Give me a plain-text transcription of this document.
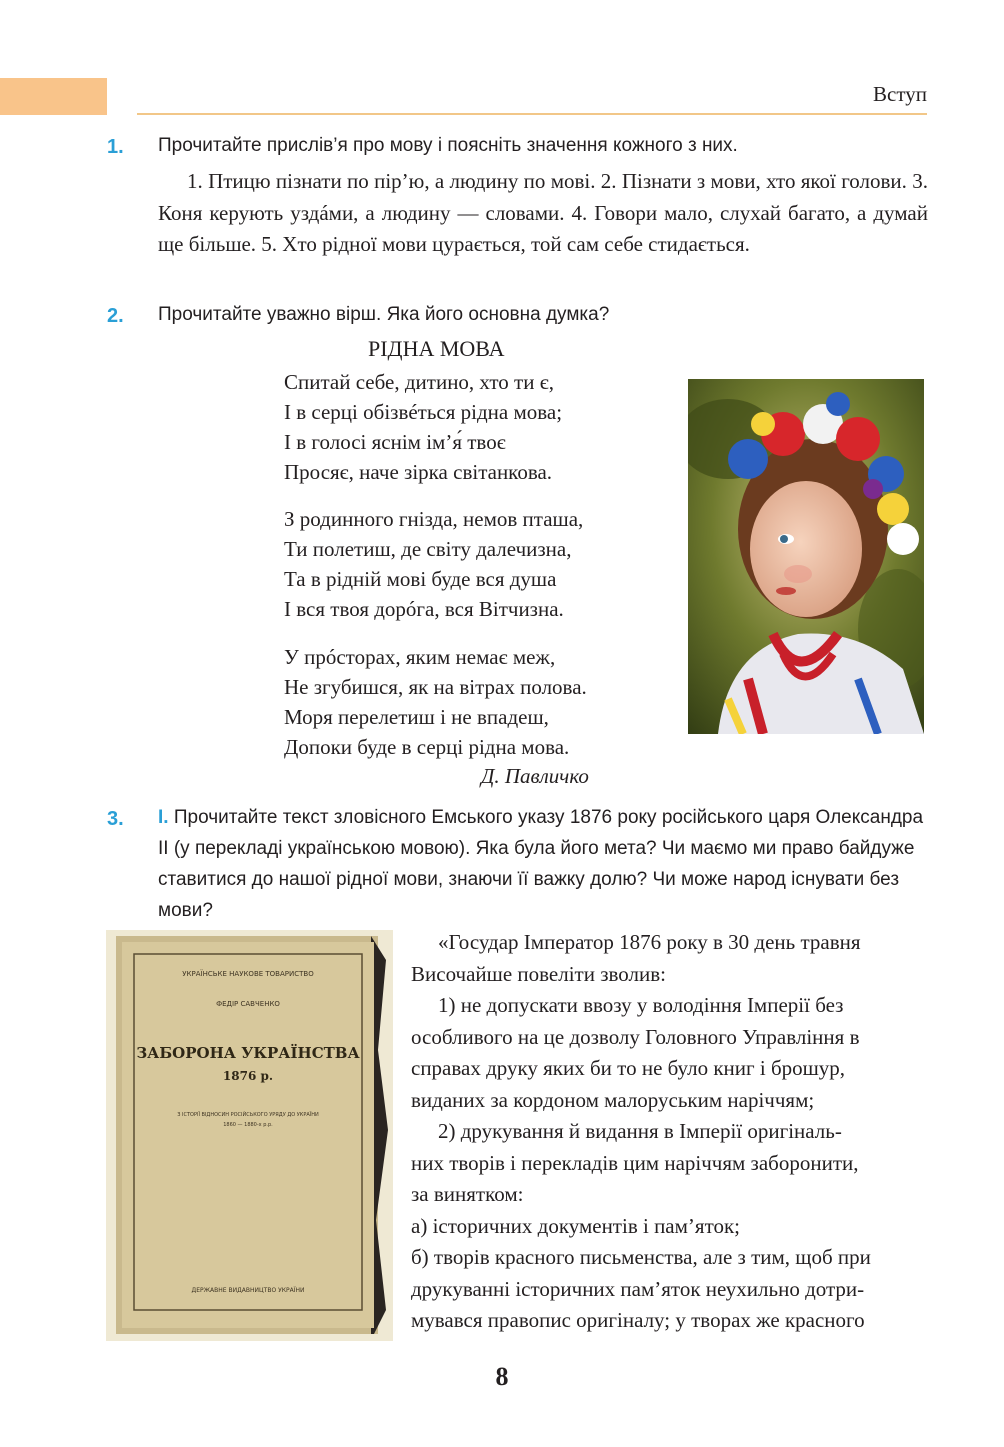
Вступ
1. Прочитайте прислів’я про мову і поясніть значення кожного з них.
1. Птицю пізнати по пір’ю, а людину по мові. 2. Пізнати з мови, хто якої голови. 3. Коня керують уздáми, а людину — словами. 4. Говори мало, слухай багато, а думай ще більше. 5. Хто рідної мови цурається, той сам себе стидається.
2. Прочитайте уважно вірш. Яка його основна думка?
РІДНА МОВА
Спитай себе, дитино, хто ти є,
І в серці обізвéться рідна мова;
І в голосі яснім ім’я́ твоє
Просяє, наче зірка світанкова.
З родинного гнізда, немов пташа,
Ти полетиш, де світу далечизна,
Та в рідній мові буде вся душа
І вся твоя дорóга, вся Вітчизна.
У прóсторах, яким немає меж,
Не згубишся, як на вітрах полова.
Моря перелетиш і не впадеш,
Допоки буде в серці рідна мова.
Д. Павличко
3. I. Прочитайте текст зловісного Емського указу 1876 року російського царя Олександра II (у перекладі українською мовою). Яка була його мета? Чи маємо ми право байдуже ставитися до нашої рідної мови, знаючи її важку долю? Чи може народ існувати без мови?
УКРАЇНСЬКЕ НАУКОВЕ ТОВАРИСТВО
ФЕДІР САВЧЕНКО
ЗАБОРОНА УКРАЇНСТВА
1876 р.
З ІСТОРІЇ ВІДНОСИН РОСІЙСЬКОГО УРЯДУ ДО УКРАЇНИ
1860 — 1880-х р.р.
ДЕРЖАВНЕ ВИДАВНИЦТВО УКРАЇНИ
«Государ Імператор 1876 року в 30 день травня
Височайше повеліти зволив:
1) не допускати ввозу у володіння Імперії без
особливого на це дозволу Головного Управління в
справах друку яких би то не було книг і брошур,
виданих за кордоном малоруським наріччям;
2) друкування й видання в Імперії оригіналь-
них творів і перекладів цим наріччям заборонити,
за винятком:
а) історичних документів і пам’яток;
б) творів красного письменства, але з тим, щоб при
друкуванні історичних пам’яток неухильно дотри-
мувався правопис оригіналу; у творах же красного
8
